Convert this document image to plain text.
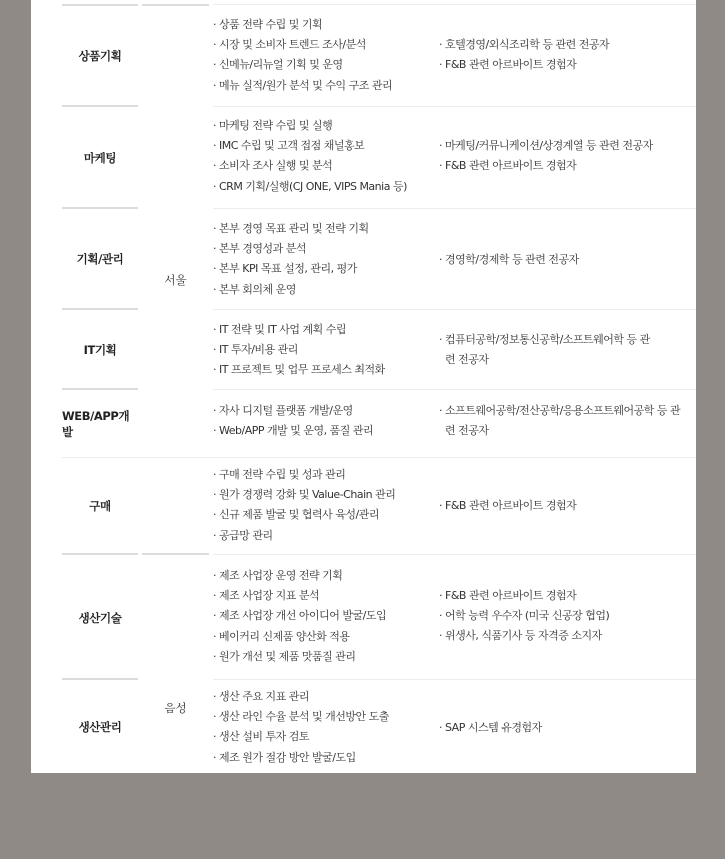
상품기획
· 상품 전략 수립 및 기획
· 시장 및 소비자 트렌드 조사/분석
· 신메뉴/리뉴얼 기획 및 운영
· 메뉴 실적/원가 분석 및 수익 구조 관리
· 호텔경영/외식조리학 등 관련 전공자
· F&B 관련 아르바이트 경험자
마케팅
· 마케팅 전략 수립 및 실행
· IMC 수립 및 고객 접점 채널홍보
· 소비자 조사 실행 및 분석
· CRM 기획/실행(CJ ONE, VIPS Mania 등)
· 마케팅/커뮤니케이션/상경계열 등 관련 전공자
· F&B 관련 아르바이트 경험자
기획/관리
· 본부 경영 목표 관리 및 전략 기획
· 본부 경영성과 분석
· 본부 KPI 목표 설정, 관리, 평가
· 본부 회의체 운영
· 경영학/경제학 등 관련 전공자
IT기획
· IT 전략 및 IT 사업 계획 수립
· IT 투자/비용 관리
· IT 프로젝트 및 업무 프로세스 최적화
· 컴퓨터공학/정보통신공학/소프트웨어학 등 관련 전공자
WEB/APP개발
· 자사 디지털 플랫폼 개발/운영
· Web/APP 개발 및 운영, 품질 관리
· 소프트웨어공학/전산공학/응용소프트웨어공학 등 관련 전공자
구매
· 구매 전략 수립 및 성과 관리
· 원가 경쟁력 강화 및 Value-Chain 관리
· 신규 제품 발굴 및 협력사 육성/관리
· 공급망 관리
· F&B 관련 아르바이트 경험자
서울
생산기술
· 제조 사업장 운영 전략 기획
· 제조 사업장 지표 분석
· 제조 사업장 개선 아이디어 발굴/도입
· 베이커리 신제품 양산화 적용
· 원가 개선 및 제품 맛품질 관리
· F&B 관련 아르바이트 경험자
· 어학 능력 우수자 (미국 신공장 협업)
· 위생사, 식품기사 등 자격증 소지자
생산관리
· 생산 주요 지표 관리
· 생산 라인 수율 분석 및 개선방안 도출
· 생산 설비 투자 검토
· 제조 원가 절감 방안 발굴/도입
· SAP 시스템 유경험자
음성
